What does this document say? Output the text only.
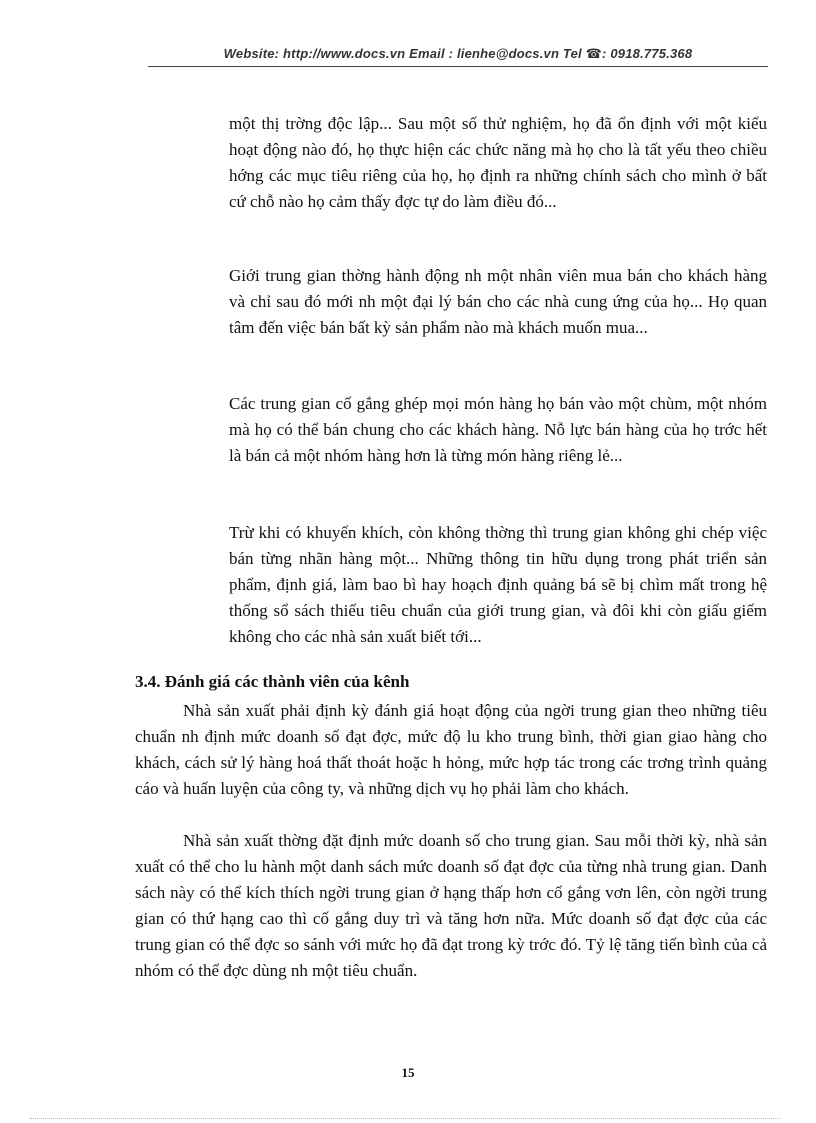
Website: http://www.docs.vn Email : lienhe@docs.vn Tel ☎: 0918.775.368

một thị trờng độc lập... Sau một số thử nghiệm, họ đã ổn định với một kiểu hoạt động nào đó, họ thực hiện các chức năng mà họ cho là tất yếu theo chiều hớng các mục tiêu riêng của họ, họ định ra những chính sách cho mình ở bất cứ chỗ nào họ cảm thấy đợc tự do làm điều đó...

Giới trung gian thờng hành động nh một nhân viên mua bán cho khách hàng và chỉ sau đó mới nh một đại lý bán cho các nhà cung ứng của họ... Họ quan tâm đến việc bán bất kỳ sản phẩm nào mà khách muốn mua...

Các trung gian cố gắng ghép mọi món hàng họ bán vào một chùm, một nhóm mà họ có thể bán chung cho các khách hàng. Nỗ lực bán hàng của họ trớc hết là bán cả một nhóm hàng hơn là từng món hàng riêng lẻ...

Trừ khi có khuyến khích, còn không thờng thì trung gian không ghi chép việc bán từng nhãn hàng một... Những thông tin hữu dụng trong phát triển sản phẩm, định giá, làm bao bì hay hoạch định quảng bá sẽ bị chìm mất trong hệ thống sổ sách thiếu tiêu chuẩn của giới trung gian, và đôi khi còn giấu giếm không cho các nhà sản xuất biết tới...

3.4. Đánh giá các thành viên của kênh

Nhà sản xuất phải định kỳ đánh giá hoạt động của ngời trung gian theo những tiêu chuẩn nh định mức doanh số đạt đợc, mức độ lu kho trung bình, thời gian giao hàng cho khách, cách sử lý hàng hoá thất thoát hoặc h hỏng, mức hợp tác trong các trơng trình quảng cáo và huấn luyện của công ty, và những dịch vụ họ phải làm cho khách.

Nhà sản xuất thờng đặt định mức doanh số cho trung gian. Sau mỗi thời kỳ, nhà sản xuất có thể cho lu hành một danh sách mức doanh số đạt đợc của từng nhà trung gian. Danh sách này có thể kích thích ngời trung gian ở hạng thấp hơn cố gắng vơn lên, còn ngời trung gian có thứ hạng cao thì cố gắng duy trì và tăng hơn nữa. Mức doanh số đạt đợc của các trung gian có thể đợc so sánh với mức họ đã đạt trong kỳ trớc đó. Tỷ lệ tăng tiến bình của cả nhóm có thể đợc dùng nh một tiêu chuẩn.

15
